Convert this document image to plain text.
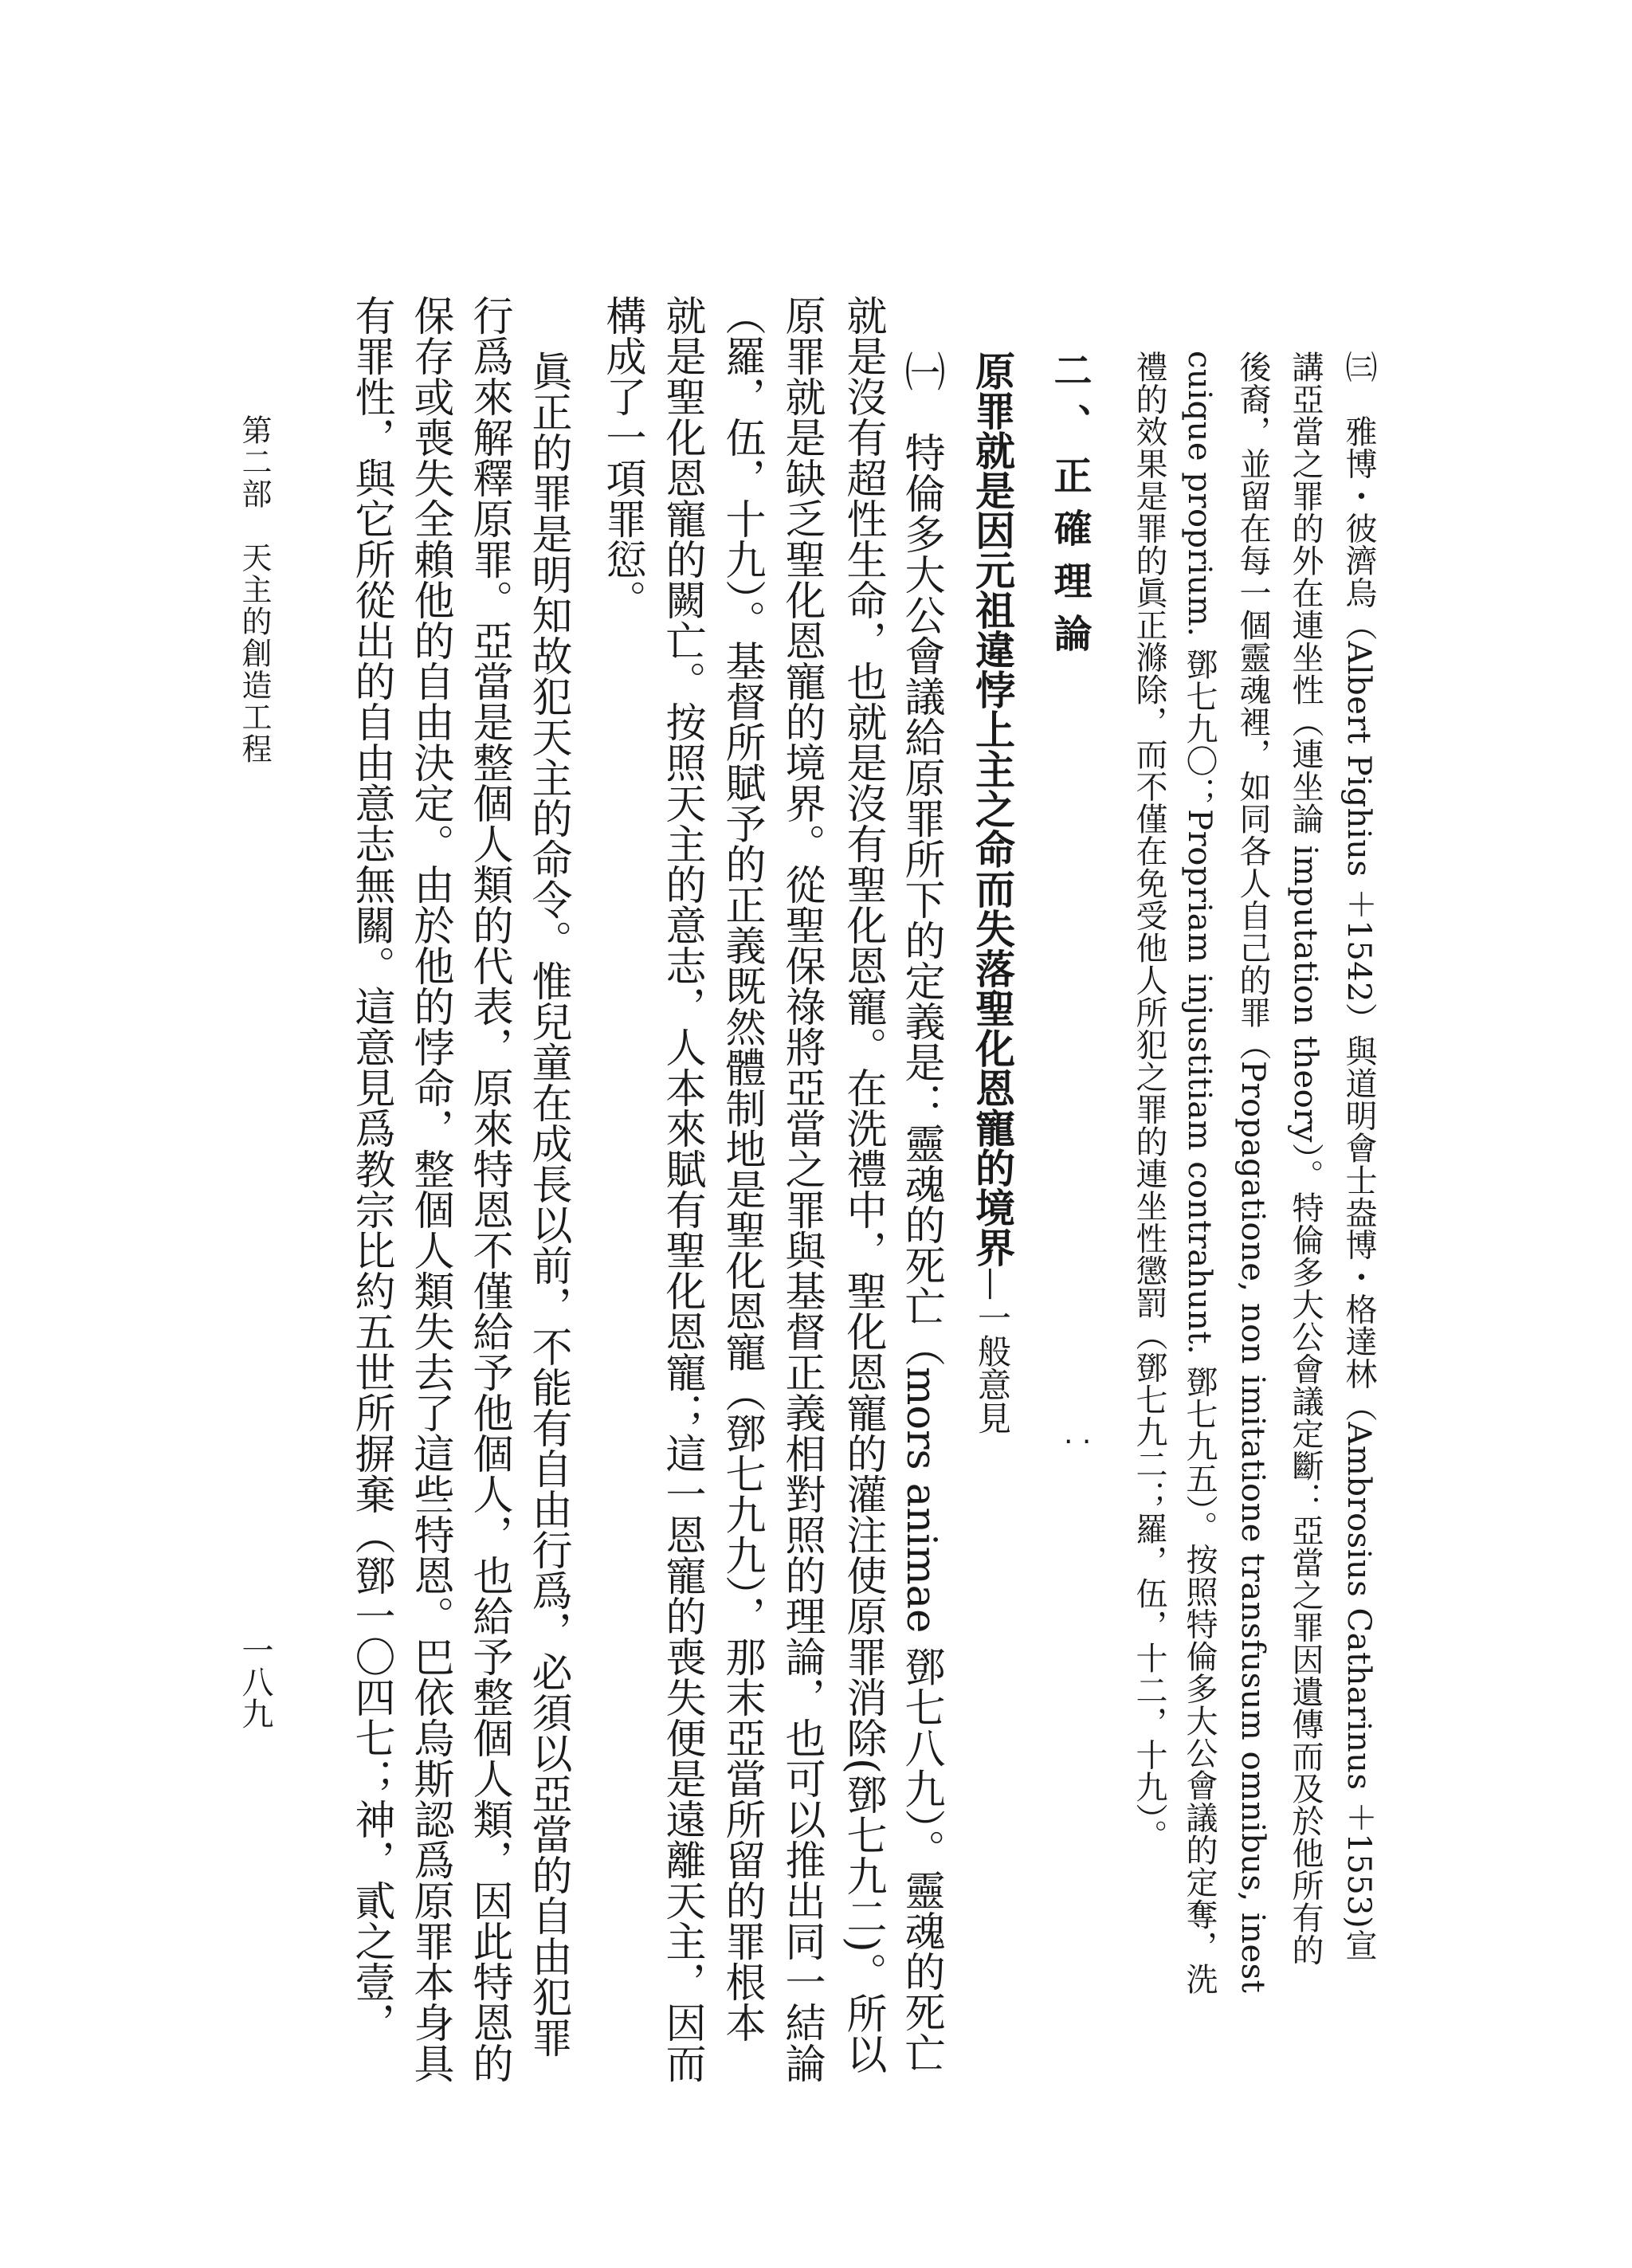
㈢　雅博・彼濟烏（Albert Pighius ＋1542）與道明會士盎博・格達林（Ambrosius Catharinus ＋1553)宣

講亞當之罪的外在連坐性（連坐論 imputation theory）。特倫多大公會議定斷：亞當之罪因遺傳而及於他所有的

後裔，並留在每一個靈魂裡，如同各人自己的罪（Propagatione, non imitatione transfusum omnibus, inest

cuique proprium. 鄧七九〇；Propriam injustitiam contrahunt. 鄧七九五）。按照特倫多大公會議的定奪，洗

禮的效果是罪的眞正滌除，而不僅在免受他人所犯之罪的連坐性懲罰（鄧七九二；羅，伍，十二，十九）。

二、正確理論

原罪就是因元祖違悖上主之命而失落聖化恩寵的境界—一般意見

㈠　特倫多大公會議給原罪所下的定義是：靈魂的死亡（mors animae 鄧七八九）。靈魂的死亡

就是沒有超性生命，也就是沒有聖化恩寵。在洗禮中，聖化恩寵的灌注使原罪消除(鄧七九二)。所以

原罪就是缺乏聖化恩寵的境界。從聖保祿將亞當之罪與基督正義相對照的理論，也可以推出同一結論

（羅，伍，十九）。基督所賦予的正義既然體制地是聖化恩寵（鄧七九九），那末亞當所留的罪根本

就是聖化恩寵的闕亡。按照天主的意志，人本來賦有聖化恩寵；這一恩寵的喪失便是遠離天主，因而

構成了一項罪愆。

眞正的罪是明知故犯天主的命令。惟兒童在成長以前，不能有自由行爲，必須以亞當的自由犯罪

行爲來解釋原罪。亞當是整個人類的代表，原來特恩不僅給予他個人，也給予整個人類，因此特恩的

保存或喪失全賴他的自由決定。由於他的悖命，整個人類失去了這些特恩。巴依烏斯認爲原罪本身具

有罪性，與它所從出的自由意志無關。這意見爲教宗比約五世所摒棄（鄧一〇四七；神，貳之壹，

第二部　天主的創造工程

一八九

· ·
